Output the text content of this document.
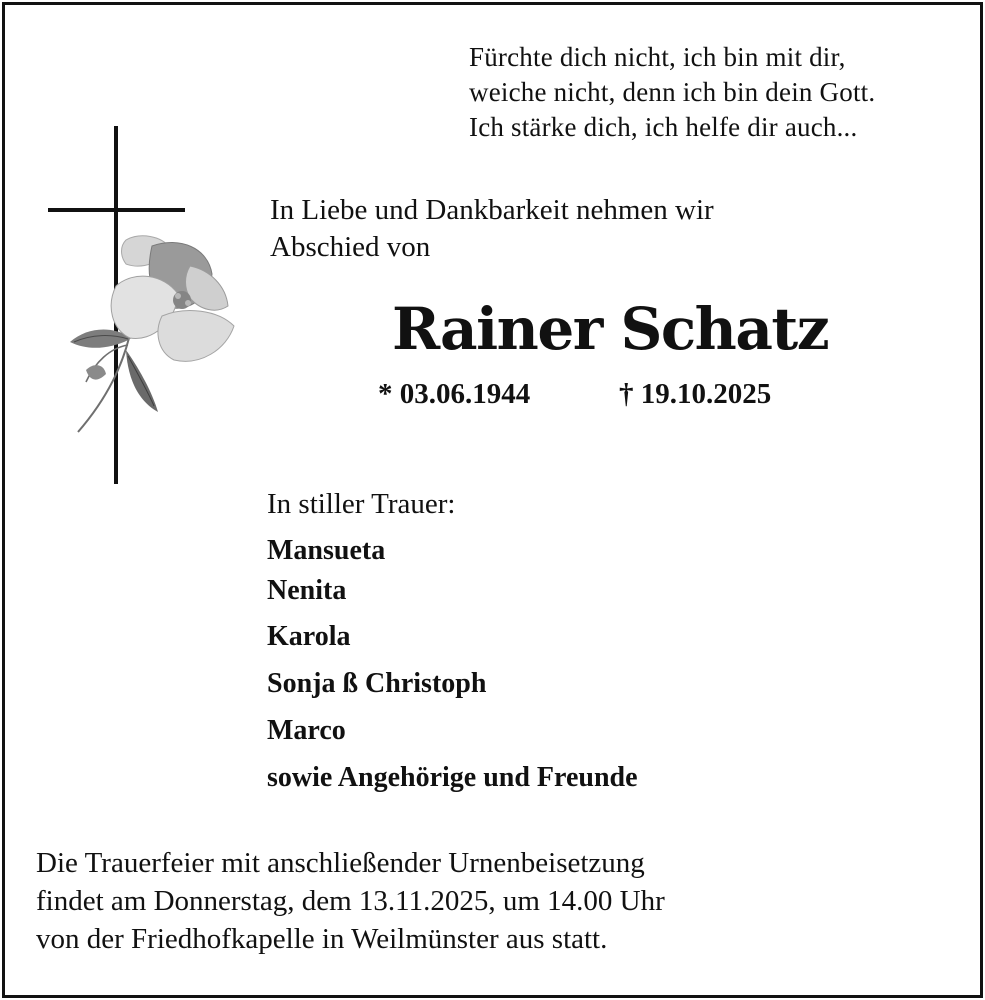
Fürchte dich nicht, ich bin mit dir,
weiche nicht, denn ich bin dein Gott.
Ich stärke dich, ich helfe dir auch...
In Liebe und Dankbarkeit nehmen wir
Abschied von
Rainer Schatz
* 03.06.1944	† 19.10.2025
In stiller Trauer:
Mansueta
Nenita
Karola
Sonja ß Christoph
Marco
sowie Angehörige und Freunde
Die Trauerfeier mit anschließender Urnenbeisetzung
findet am Donnerstag, dem 13.11.2025, um 14.00 Uhr
von der Friedhofkapelle in Weilmünster aus statt.
